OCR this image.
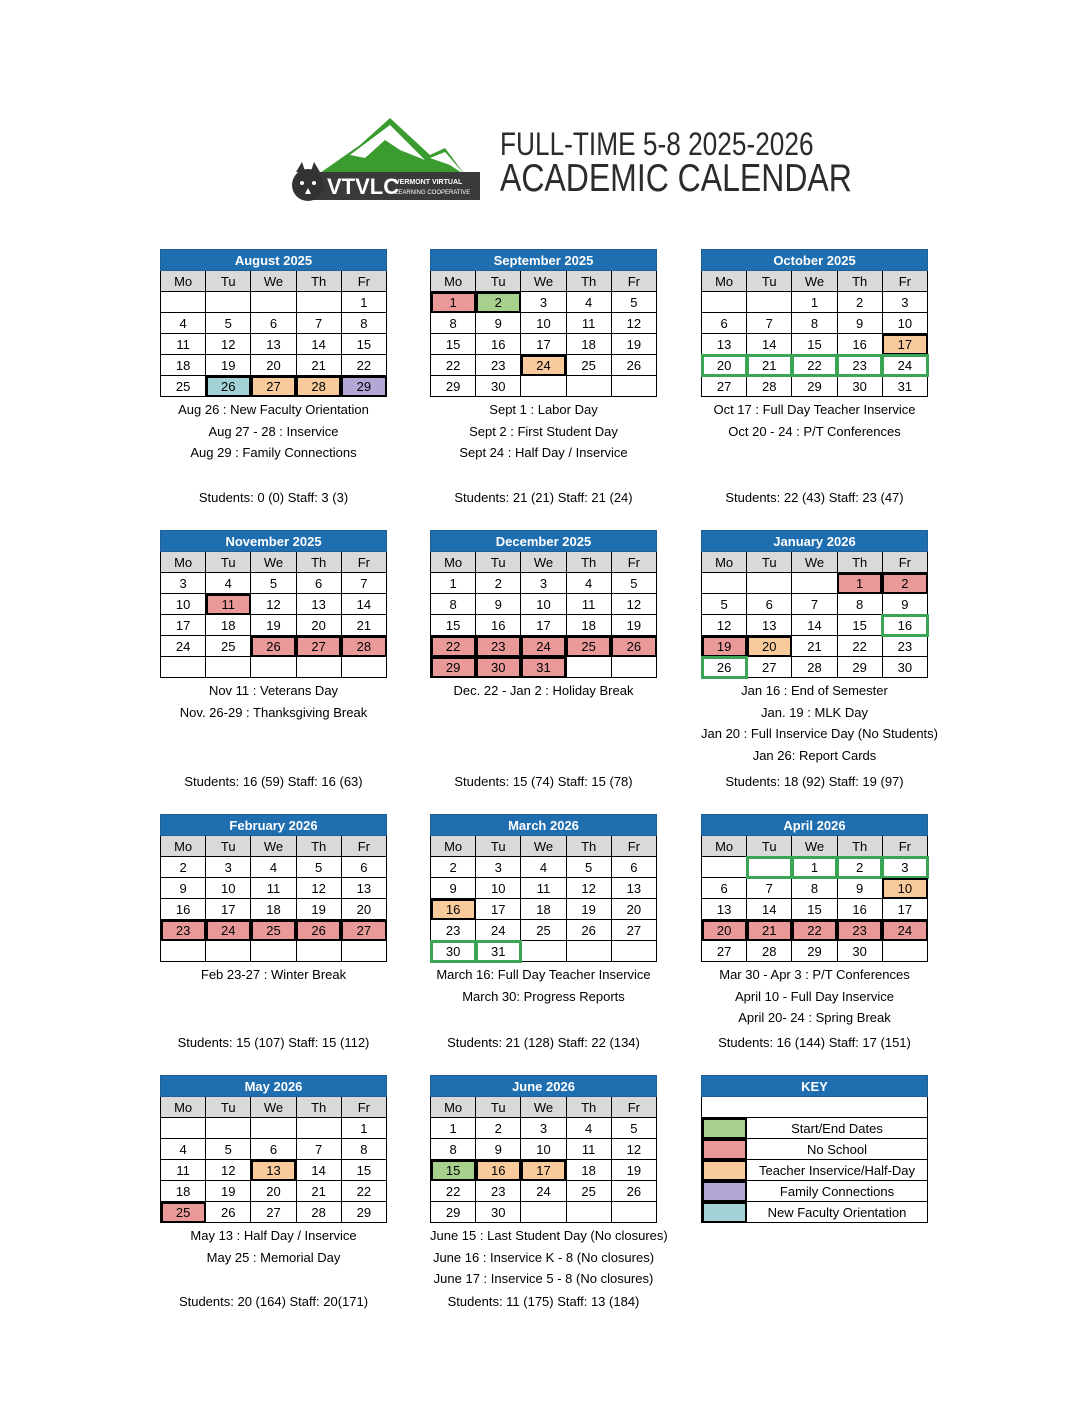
VTVLC
VERMONT VIRTUAL
LEARNING COOPERATIVE
FULL-TIME 5-8 2025-2026
ACADEMIC CALENDAR
August 2025				
Mo	Tu	We	Th	Fr
				1
4	5	6	7	8
11	12	13	14	15
18	19	20	21	22
25	26	27	28	29
Aug 26 : New Faculty Orientation
Aug 27 - 28 : Inservice
Aug 29 : Family Connections
Students: 0 (0) Staff: 3 (3)
September 2025				
Mo	Tu	We	Th	Fr
1	2	3	4	5
8	9	10	11	12
15	16	17	18	19
22	23	24	25	26
29	30			
Sept 1 : Labor Day
Sept 2 : First Student Day
Sept 24 : Half Day / Inservice
Students: 21 (21) Staff: 21 (24)
October 2025				
Mo	Tu	We	Th	Fr
		1	2	3
6	7	8	9	10
13	14	15	16	17
20	21	22	23	24
27	28	29	30	31
Oct 17 : Full Day Teacher Inservice
Oct 20 - 24 : P/T Conferences
Students: 22 (43) Staff: 23 (47)
November 2025				
Mo	Tu	We	Th	Fr
3	4	5	6	7
10	11	12	13	14
17	18	19	20	21
24	25	26	27	28

Nov 11 : Veterans Day
Nov. 26-29 : Thanksgiving Break
Students: 16 (59) Staff: 16 (63)
December 2025				
Mo	Tu	We	Th	Fr
1	2	3	4	5
8	9	10	11	12
15	16	17	18	19
22	23	24	25	26
29	30	31		
Dec. 22 - Jan 2 : Holiday Break
Students: 15 (74) Staff: 15 (78)
January 2026				
Mo	Tu	We	Th	Fr
			1	2
5	6	7	8	9
12	13	14	15	16
19	20	21	22	23
26	27	28	29	30
Jan 16 : End of Semester
Jan. 19 : MLK Day
Jan 20 : Full Inservice Day (No Students)
Jan 26: Report Cards
Students: 18 (92) Staff: 19 (97)
February 2026				
Mo	Tu	We	Th	Fr
2	3	4	5	6
9	10	11	12	13
16	17	18	19	20
23	24	25	26	27

Feb 23-27 : Winter Break
Students: 15 (107) Staff: 15 (112)
March 2026				
Mo	Tu	We	Th	Fr
2	3	4	5	6
9	10	11	12	13
16	17	18	19	20
23	24	25	26	27
30	31			
March 16: Full Day Teacher Inservice
March 30: Progress Reports
Students: 21 (128) Staff: 22 (134)
April 2026				
Mo	Tu	We	Th	Fr
		1	2	3
6	7	8	9	10
13	14	15	16	17
20	21	22	23	24
27	28	29	30	
Mar 30 - Apr 3 : P/T Conferences
April 10 - Full Day Inservice
April 20- 24 : Spring Break
Students: 16 (144) Staff: 17 (151)
May 2026				
Mo	Tu	We	Th	Fr
				1
4	5	6	7	8
11	12	13	14	15
18	19	20	21	22
25	26	27	28	29
May 13 : Half Day / Inservice
May 25 : Memorial Day
Students: 20 (164) Staff: 20(171)
June 2026				
Mo	Tu	We	Th	Fr
1	2	3	4	5
8	9	10	11	12
15	16	17	18	19
22	23	24	25	26
29	30			
June 15 : Last Student Day (No closures)
June 16 : Inservice K - 8 (No closures)
June 17 : Inservice 5 - 8 (No closures)
Students: 11 (175) Staff: 13 (184)
KEY	

	Start/End Dates
	No School
	Teacher Inservice/Half-Day
	Family Connections
	New Faculty Orientation
